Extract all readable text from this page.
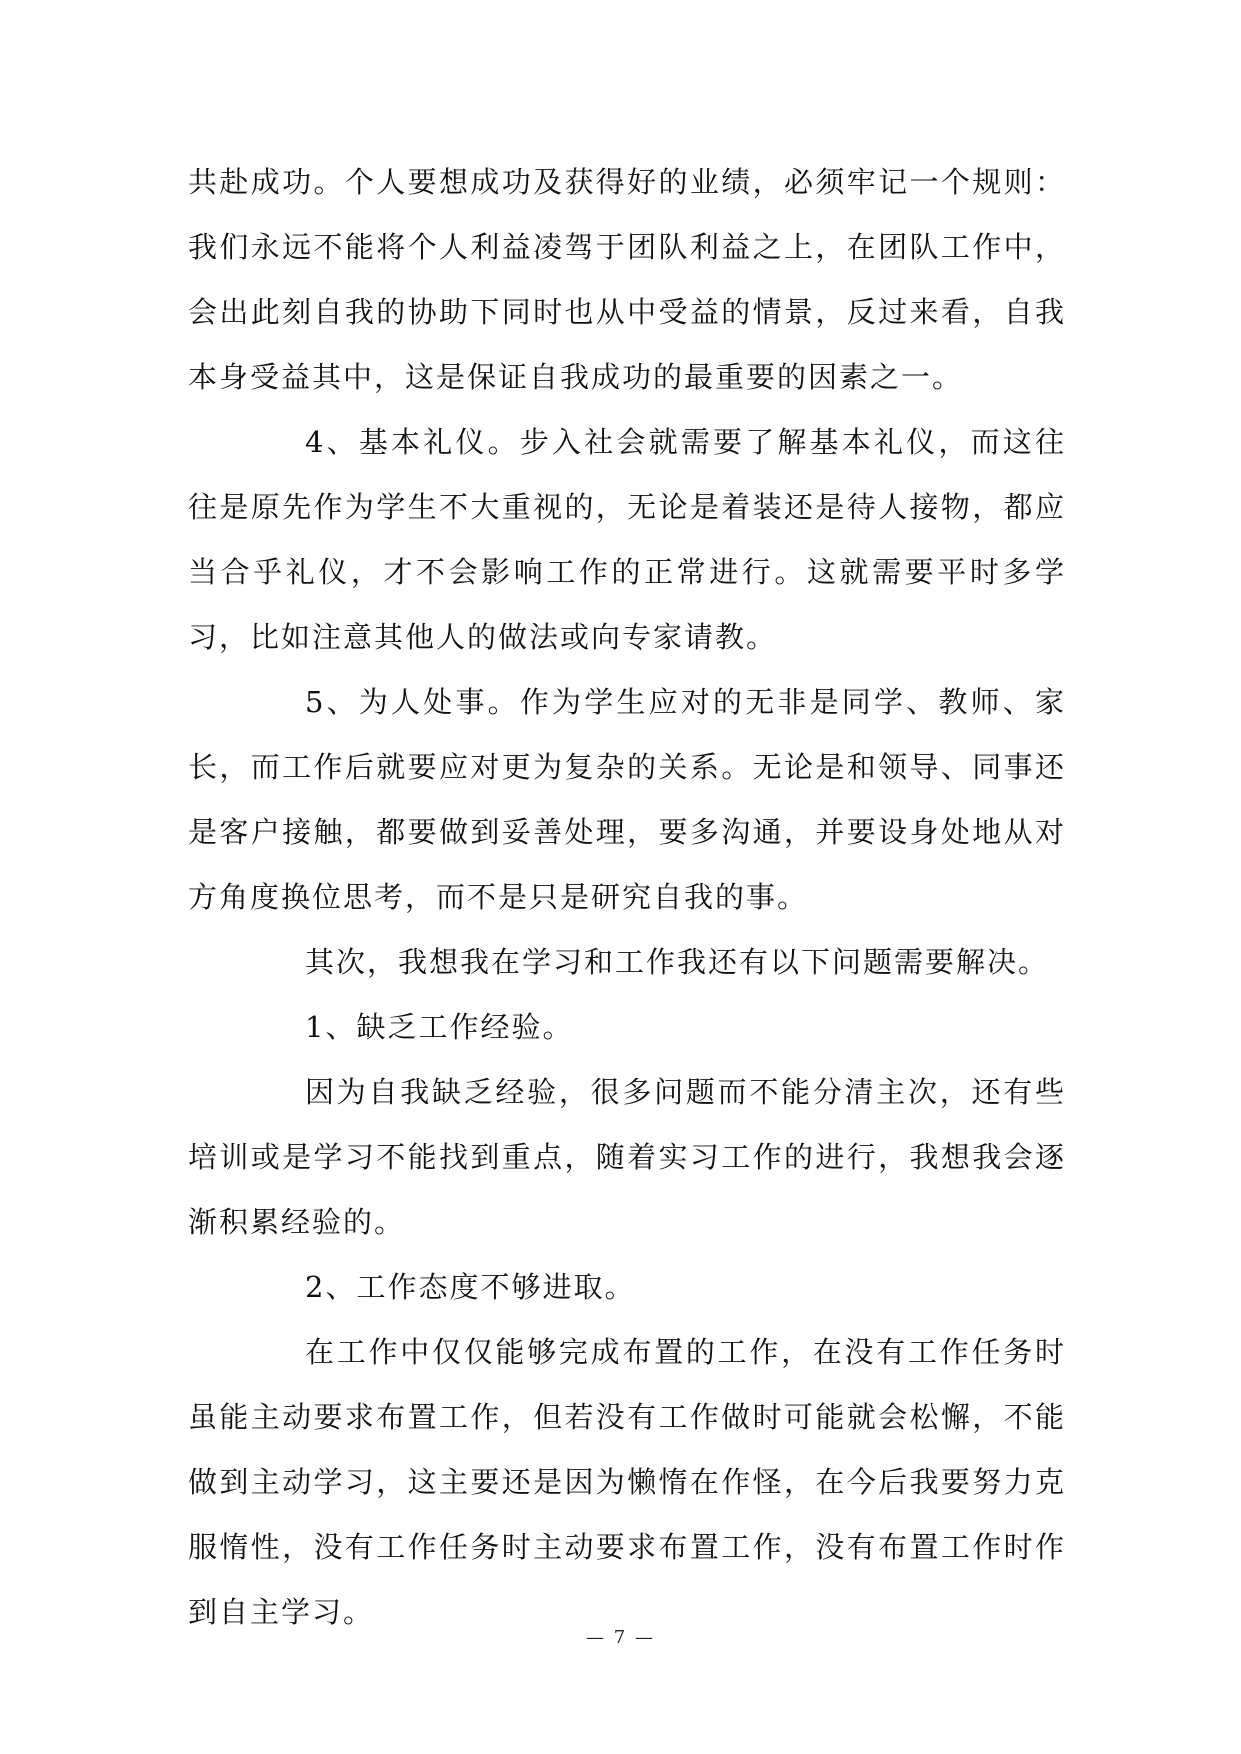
共赴成功。个人要想成功及获得好的业绩，必须牢记一个规则：我们永远不能将个人利益凌驾于团队利益之上，在团队工作中，会出此刻自我的协助下同时也从中受益的情景，反过来看，自我本身受益其中，这是保证自我成功的最重要的因素之一。

4、基本礼仪。步入社会就需要了解基本礼仪，而这往往是原先作为学生不大重视的，无论是着装还是待人接物，都应当合乎礼仪，才不会影响工作的正常进行。这就需要平时多学习，比如注意其他人的做法或向专家请教。

5、为人处事。作为学生应对的无非是同学、教师、家长，而工作后就要应对更为复杂的关系。无论是和领导、同事还是客户接触，都要做到妥善处理，要多沟通，并要设身处地从对方角度换位思考，而不是只是研究自我的事。

其次，我想我在学习和工作我还有以下问题需要解决。

1、缺乏工作经验。

因为自我缺乏经验，很多问题而不能分清主次，还有些培训或是学习不能找到重点，随着实习工作的进行，我想我会逐渐积累经验的。

2、工作态度不够进取。

在工作中仅仅能够完成布置的工作，在没有工作任务时虽能主动要求布置工作，但若没有工作做时可能就会松懈，不能做到主动学习，这主要还是因为懒惰在作怪，在今后我要努力克服惰性，没有工作任务时主动要求布置工作，没有布置工作时作到自主学习。

— 7 —
